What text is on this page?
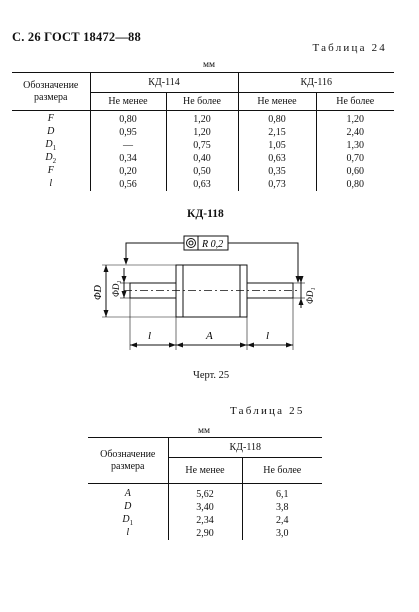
С. 26 ГОСТ 18472—88
Таблица 24
мм
Обозначение размера	КД-114		КД-116	
	Не менее	Не более	Не менее	Не более
F	0,80	1,20	0,80	1,20
D	0,95	1,20	2,15	2,40
$D_1$	—	0,75	1,05	1,30
$D_2$	0,34	0,40	0,63	0,70
F	0,20	0,50	0,35	0,60
l	0,56	0,63	0,73	0,80
КД-118
R 0,2
ΦD ΦD₁	ΦD₁
l	A	l
Черт. 25
Таблица 25
мм
Обозначение размера	КД-118	
	Не менее	Не более
A	5,62	6,1
D	3,40	3,8
$D_1$	2,34	2,4
l	2,90	3,0
